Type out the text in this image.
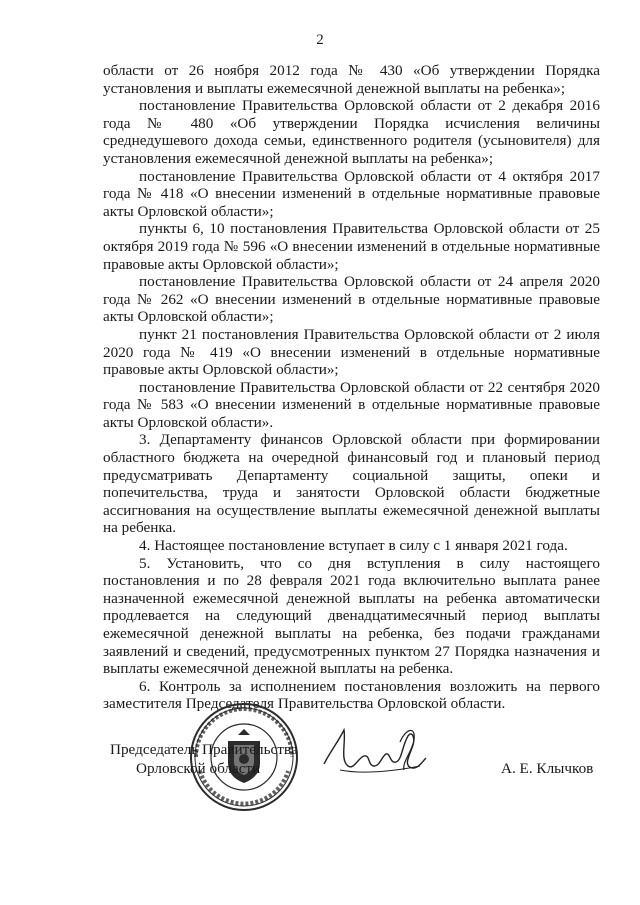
2

области от 26 ноября 2012 года № 430 «Об утверждении Порядка установления и выплаты ежемесячной денежной выплаты на ребенка»;

постановление Правительства Орловской области от 2 декабря 2016 года № 480 «Об утверждении Порядка исчисления величины среднедушевого дохода семьи, единственного родителя (усыновителя) для установления ежемесячной денежной выплаты на ребенка»;

постановление Правительства Орловской области от 4 октября 2017 года № 418 «О внесении изменений в отдельные нормативные правовые акты Орловской области»;

пункты 6, 10 постановления Правительства Орловской области от 25 октября 2019 года № 596 «О внесении изменений в отдельные нормативные правовые акты Орловской области»;

постановление Правительства Орловской области от 24 апреля 2020 года № 262 «О внесении изменений в отдельные нормативные правовые акты Орловской области»;

пункт 21 постановления Правительства Орловской области от 2 июля 2020 года № 419 «О внесении изменений в отдельные нормативные правовые акты Орловской области»;

постановление Правительства Орловской области от 22 сентября 2020 года № 583 «О внесении изменений в отдельные нормативные правовые акты Орловской области».

3. Департаменту финансов Орловской области при формировании областного бюджета на очередной финансовый год и плановый период предусматривать Департаменту социальной защиты, опеки и попечительства, труда и занятости Орловской области бюджетные ассигнования на осуществление выплаты ежемесячной денежной выплаты на ребенка.

4. Настоящее постановление вступает в силу с 1 января 2021 года.

5. Установить, что со дня вступления в силу настоящего постановления и по 28 февраля 2021 года включительно выплата ранее назначенной ежемесячной денежной выплаты на ребенка автоматически продлевается на следующий двенадцатимесячный период выплаты ежемесячной денежной выплаты на ребенка, без подачи гражданами заявлений и сведений, предусмотренных пунктом 27 Порядка назначения и выплаты ежемесячной денежной выплаты на ребенка.

6. Контроль за исполнением постановления возложить на первого заместителя Председателя Правительства Орловской области.

Председатель Правительства
Орловской области	А. Е. Клычков
